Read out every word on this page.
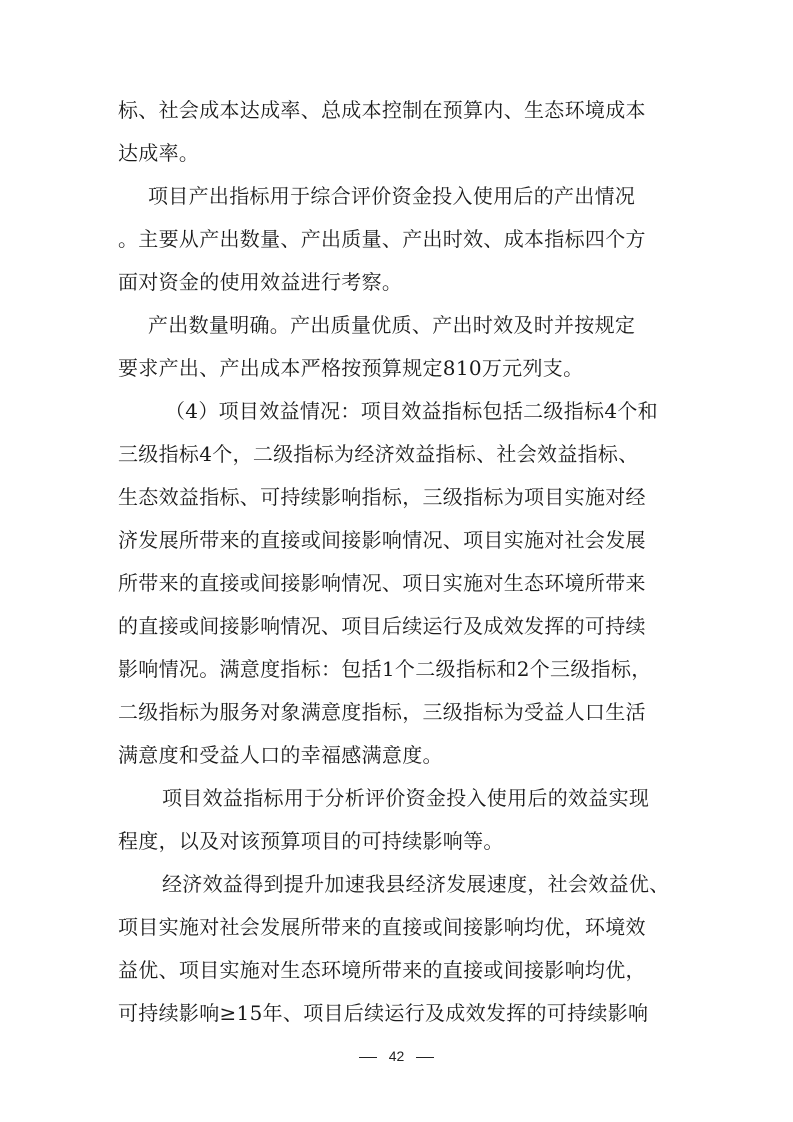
标、社会成本达成率、总成本控制在预算内、生态环境成本
达成率。
项目产出指标用于综合评价资金投入使用后的产出情况
。主要从产出数量、产出质量、产出时效、成本指标四个方
面对资金的使用效益进行考察。
产出数量明确。产出质量优质、产出时效及时并按规定
要求产出、产出成本严格按预算规定810万元列支。
（4）项目效益情况：项目效益指标包括二级指标4个和
三级指标4个，二级指标为经济效益指标、社会效益指标、
生态效益指标、可持续影响指标，三级指标为项目实施对经
济发展所带来的直接或间接影响情况、项目实施对社会发展
所带来的直接或间接影响情况、项日实施对生态环境所带来
的直接或间接影响情况、项目后续运行及成效发挥的可持续
影响情况。满意度指标：包括1个二级指标和2个三级指标，
二级指标为服务对象满意度指标，三级指标为受益人口生活
满意度和受益人口的幸福感满意度。
项目效益指标用于分析评价资金投入使用后的效益实现
程度，以及对该预算项目的可持续影响等。
经济效益得到提升加速我县经济发展速度，社会效益优、
项目实施对社会发展所带来的直接或间接影响均优，环境效
益优、项目实施对生态环境所带来的直接或间接影响均优，
可持续影响≥15年、项目后续运行及成效发挥的可持续影响
42
